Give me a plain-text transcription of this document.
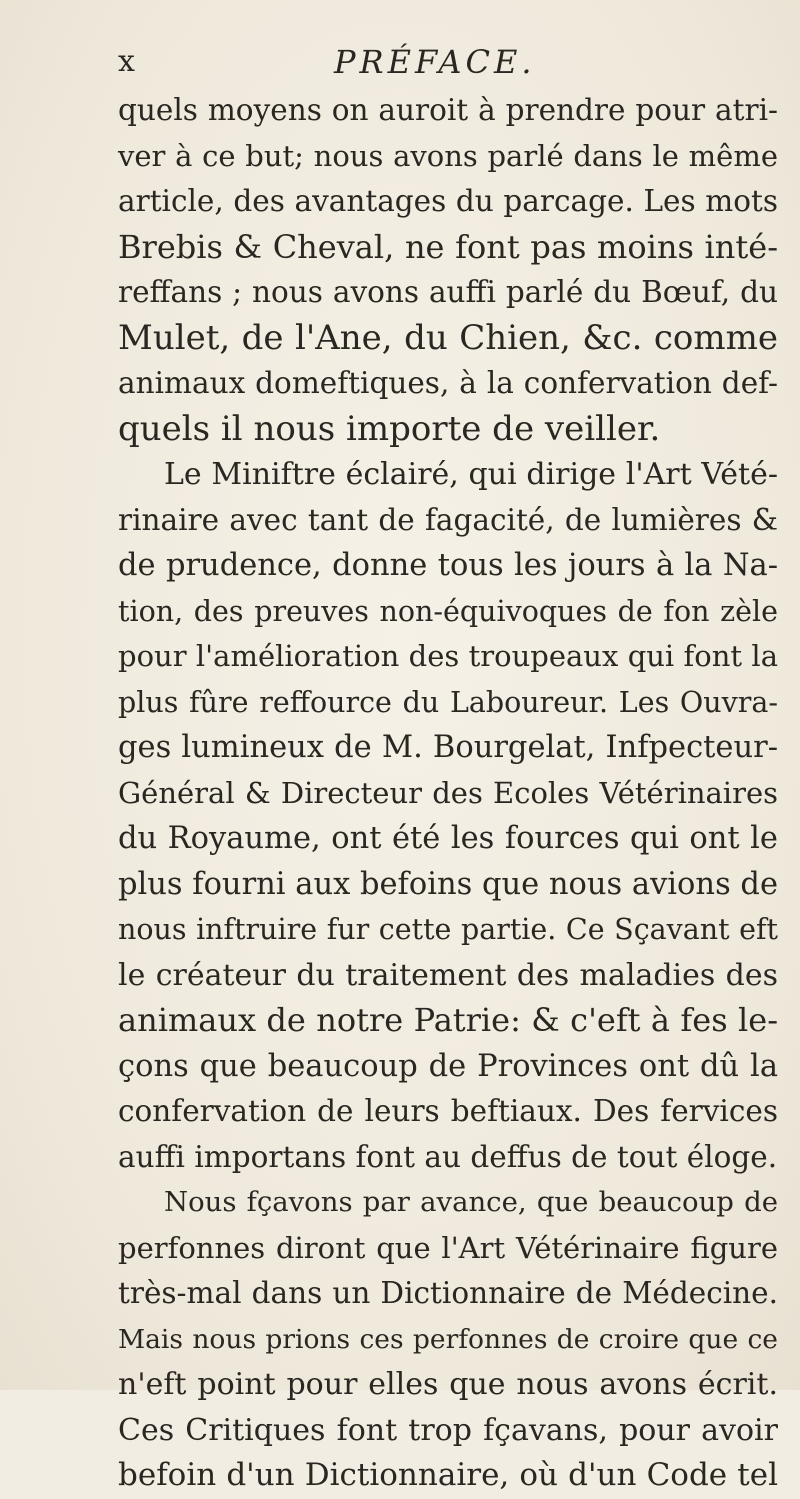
x	PRÉFACE.
quels moyens on auroit à prendre pour atri-
ver à ce but; nous avons parlé dans le même
article, des avantages du parcage. Les mots
Brebis & Cheval, ne font pas moins inté-
reffans ; nous avons auffi parlé du Bœuf, du
Mulet, de l'Ane, du Chien, &c. comme
animaux domeftiques, à la confervation def-
quels il nous importe de veiller.
Le Miniftre éclairé, qui dirige l'Art Vété-
rinaire avec tant de fagacité, de lumières &
de prudence, donne tous les jours à la Na-
tion, des preuves non-équivoques de fon zèle
pour l'amélioration des troupeaux qui font la
plus fûre reffource du Laboureur. Les Ouvra-
ges lumineux de M. Bourgelat, Infpecteur-
Général & Directeur des Ecoles Vétérinaires
du Royaume, ont été les fources qui ont le
plus fourni aux befoins que nous avions de
nous inftruire fur cette partie. Ce Sçavant eft
le créateur du traitement des maladies des
animaux de notre Patrie: & c'eft à fes le-
çons que beaucoup de Provinces ont dû la
confervation de leurs beftiaux. Des fervices
auffi importans font au deffus de tout éloge.
Nous fçavons par avance, que beaucoup de
perfonnes diront que l'Art Vétérinaire figure
très-mal dans un Dictionnaire de Médecine.
Mais nous prions ces perfonnes de croire que ce
n'eft point pour elles que nous avons écrit.
Ces Critiques font trop fçavans, pour avoir
befoin d'un Dictionnaire, où d'un Code tel
